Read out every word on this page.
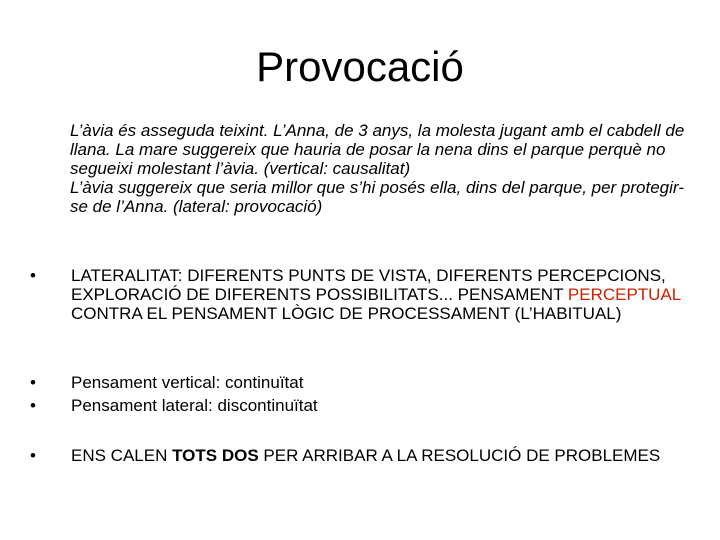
Provocació

L’àvia és asseguda teixint. L’Anna, de 3 anys, la molesta jugant amb el cabdell de llana. La mare suggereix que hauria de posar la nena dins el parque perquè no segueixi molestant l’àvia. (vertical: causalitat)

L’àvia suggereix que seria millor que s’hi posés ella, dins del parque, per protegir-se de l’Anna. (lateral: provocació)

•	LATERALITAT: DIFERENTS PUNTS DE VISTA, DIFERENTS PERCEPCIONS, EXPLORACIÓ DE DIFERENTS POSSIBILITATS... PENSAMENT PERCEPTUAL CONTRA EL PENSAMENT LÒGIC DE PROCESSAMENT (L’HABITUAL)
•	Pensament vertical: continuïtat
•	Pensament lateral: discontinuïtat
•	ENS CALEN TOTS DOS PER ARRIBAR A LA RESOLUCIÓ DE PROBLEMES
